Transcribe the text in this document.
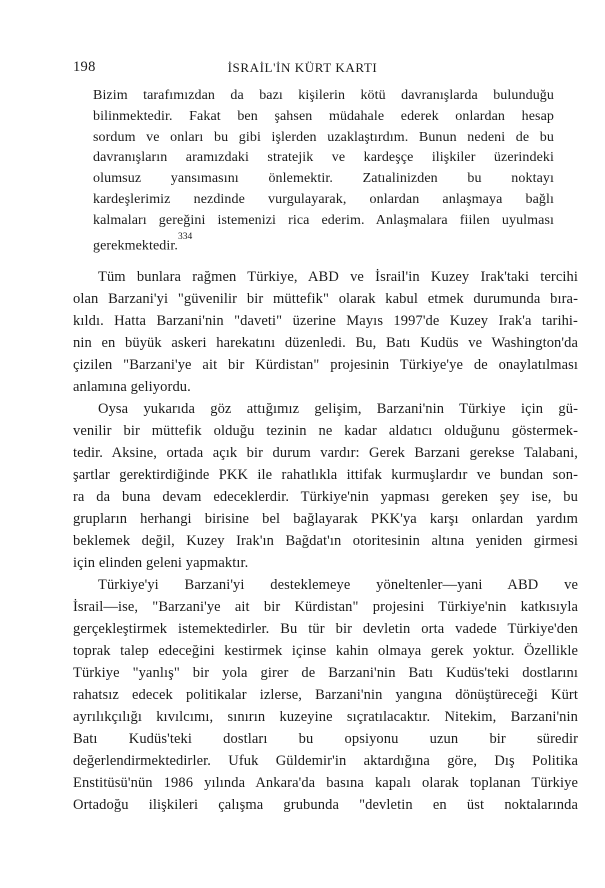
198	İSRAİL'İN KÜRT KARTI
Bizim tarafımızdan da bazı kişilerin kötü davranışlarda bulunduğu
bilinmektedir. Fakat ben şahsen müdahale ederek onlardan hesap
sordum ve onları bu gibi işlerden uzaklaştırdım. Bunun nedeni de bu
davranışların aramızdaki stratejik ve kardeşçe ilişkiler üzerindeki
olumsuz yansımasını önlemektir. Zatıalinizden bu noktayı
kardeşlerimiz nezdinde vurgulayarak, onlardan anlaşmaya bağlı
kalmaları gereğini istemenizi rica ederim. Anlaşmalara fiilen uyulması
gerekmektedir.$^{334}$
Tüm bunlara rağmen Türkiye, ABD ve İsrail'in Kuzey Irak'taki tercihi
olan Barzani'yi "güvenilir bir müttefik" olarak kabul etmek durumunda bıra-
kıldı. Hatta Barzani'nin "daveti" üzerine Mayıs 1997'de Kuzey Irak'a tarihi-
nin en büyük askeri harekatını düzenledi. Bu, Batı Kudüs ve Washington'da
çizilen "Barzani'ye ait bir Kürdistan" projesinin Türkiye'ye de onaylatılması
anlamına geliyordu.
Oysa yukarıda göz attığımız gelişim, Barzani'nin Türkiye için gü-
venilir bir müttefik olduğu tezinin ne kadar aldatıcı olduğunu göstermek-
tedir. Aksine, ortada açık bir durum vardır: Gerek Barzani gerekse Talabani,
şartlar gerektirdiğinde PKK ile rahatlıkla ittifak kurmuşlardır ve bundan son-
ra da buna devam edeceklerdir. Türkiye'nin yapması gereken şey ise, bu
grupların herhangi birisine bel bağlayarak PKK'ya karşı onlardan yardım
beklemek değil, Kuzey Irak'ın Bağdat'ın otoritesinin altına yeniden girmesi
için elinden geleni yapmaktır.
Türkiye'yi Barzani'yi desteklemeye yöneltenler—yani ABD ve
İsrail—ise, "Barzani'ye ait bir Kürdistan" projesini Türkiye'nin katkısıyla
gerçekleştirmek istemektedirler. Bu tür bir devletin orta vadede Türkiye'den
toprak talep edeceğini kestirmek içinse kahin olmaya gerek yoktur. Özellikle
Türkiye "yanlış" bir yola girer de Barzani'nin Batı Kudüs'teki dostlarını
rahatsız edecek politikalar izlerse, Barzani'nin yangına dönüştüreceği Kürt
ayrılıkçılığı kıvılcımı, sınırın kuzeyine sıçratılacaktır. Nitekim, Barzani'nin
Batı Kudüs'teki dostları bu opsiyonu uzun bir süredir
değerlendirmektedirler. Ufuk Güldemir'in aktardığına göre, Dış Politika
Enstitüsü'nün 1986 yılında Ankara'da basına kapalı olarak toplanan Türkiye
Ortadoğu ilişkileri çalışma grubunda "devletin en üst noktalarında
